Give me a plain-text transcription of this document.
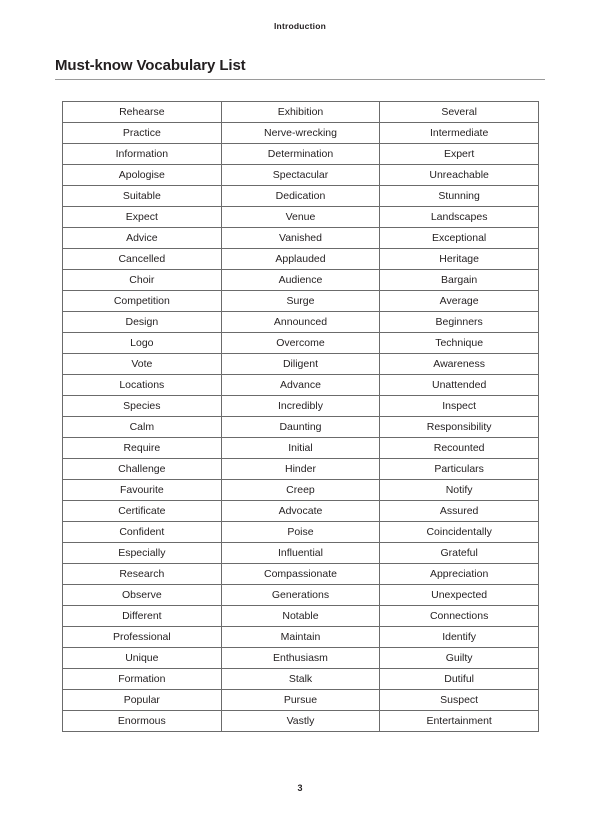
Introduction
Must-know Vocabulary List
Rehearse	Exhibition	Several
Practice	Nerve-wrecking	Intermediate
Information	Determination	Expert
Apologise	Spectacular	Unreachable
Suitable	Dedication	Stunning
Expect	Venue	Landscapes
Advice	Vanished	Exceptional
Cancelled	Applauded	Heritage
Choir	Audience	Bargain
Competition	Surge	Average
Design	Announced	Beginners
Logo	Overcome	Technique
Vote	Diligent	Awareness
Locations	Advance	Unattended
Species	Incredibly	Inspect
Calm	Daunting	Responsibility
Require	Initial	Recounted
Challenge	Hinder	Particulars
Favourite	Creep	Notify
Certificate	Advocate	Assured
Confident	Poise	Coincidentally
Especially	Influential	Grateful
Research	Compassionate	Appreciation
Observe	Generations	Unexpected
Different	Notable	Connections
Professional	Maintain	Identify
Unique	Enthusiasm	Guilty
Formation	Stalk	Dutiful
Popular	Pursue	Suspect
Enormous	Vastly	Entertainment
3
